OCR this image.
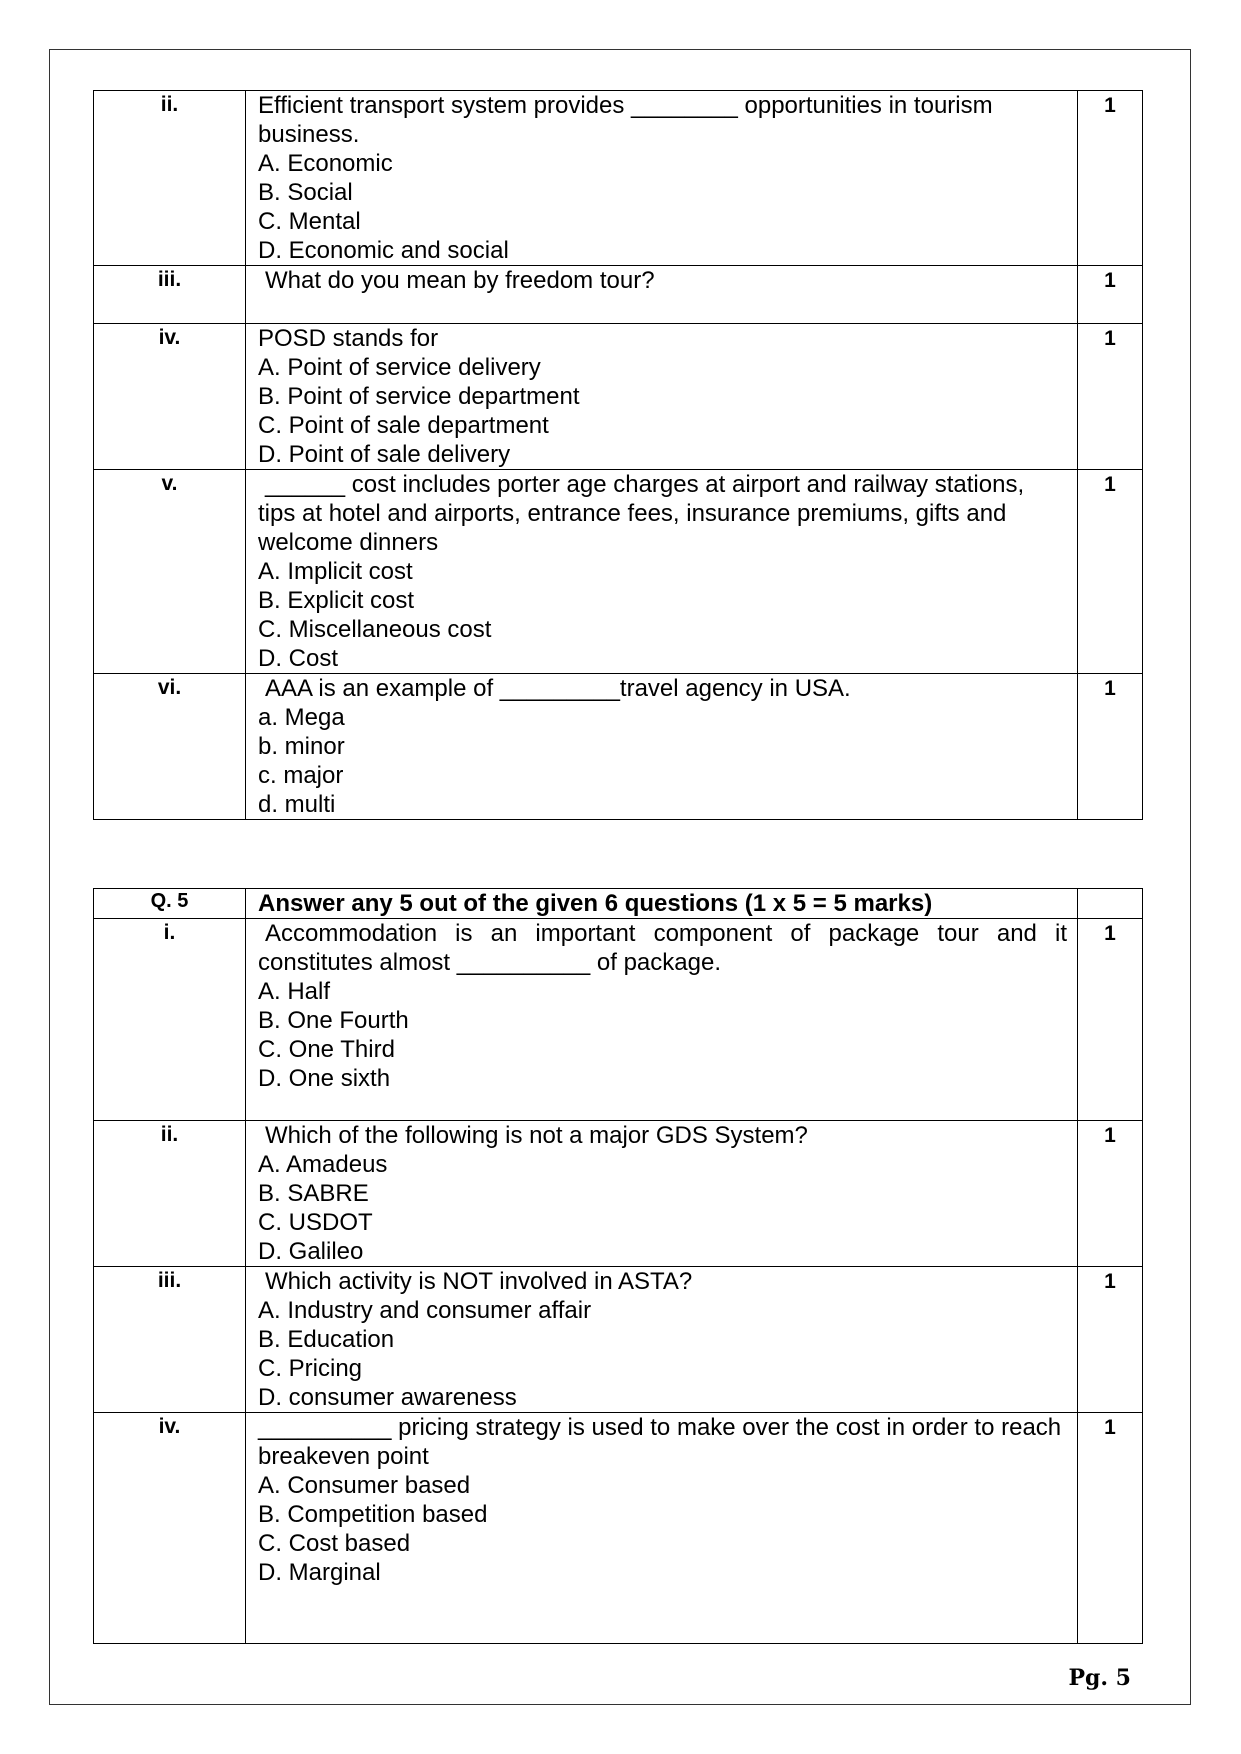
ii.	Efficient transport system provides ________ opportunities in tourism business.
A. Economic
B. Social
C. Mental
D. Economic and social	1
iii.	What do you mean by freedom tour?	1
iv.	POSD stands for
A. Point of service delivery
B. Point of service department
C. Point of sale department
D. Point of sale delivery	1
v.	______ cost includes porter age charges at airport and railway stations, tips at hotel and airports, entrance fees, insurance premiums, gifts and welcome dinners
A. Implicit cost
B. Explicit cost
C. Miscellaneous cost
D. Cost	1
vi.	AAA is an example of _________travel agency in USA.
a. Mega
b. minor
c. major
d. multi	1
Q. 5	Answer any 5 out of the given 6 questions (1 x 5 = 5 marks)	
i.	Accommodation is an important component of package tour and it constitutes almost __________ of package.
A. Half
B. One Fourth
C. One Third
D. One sixth	1
ii.	Which of the following is not a major GDS System?
A. Amadeus
B. SABRE
C. USDOT
D. Galileo	1
iii.	Which activity is NOT involved in ASTA?
A. Industry and consumer affair
B. Education
C. Pricing
D. consumer awareness	1
iv.	__________ pricing strategy is used to make over the cost in order to reach breakeven point
A. Consumer based
B. Competition based
C. Cost based
D. Marginal	1
Pg. 5
